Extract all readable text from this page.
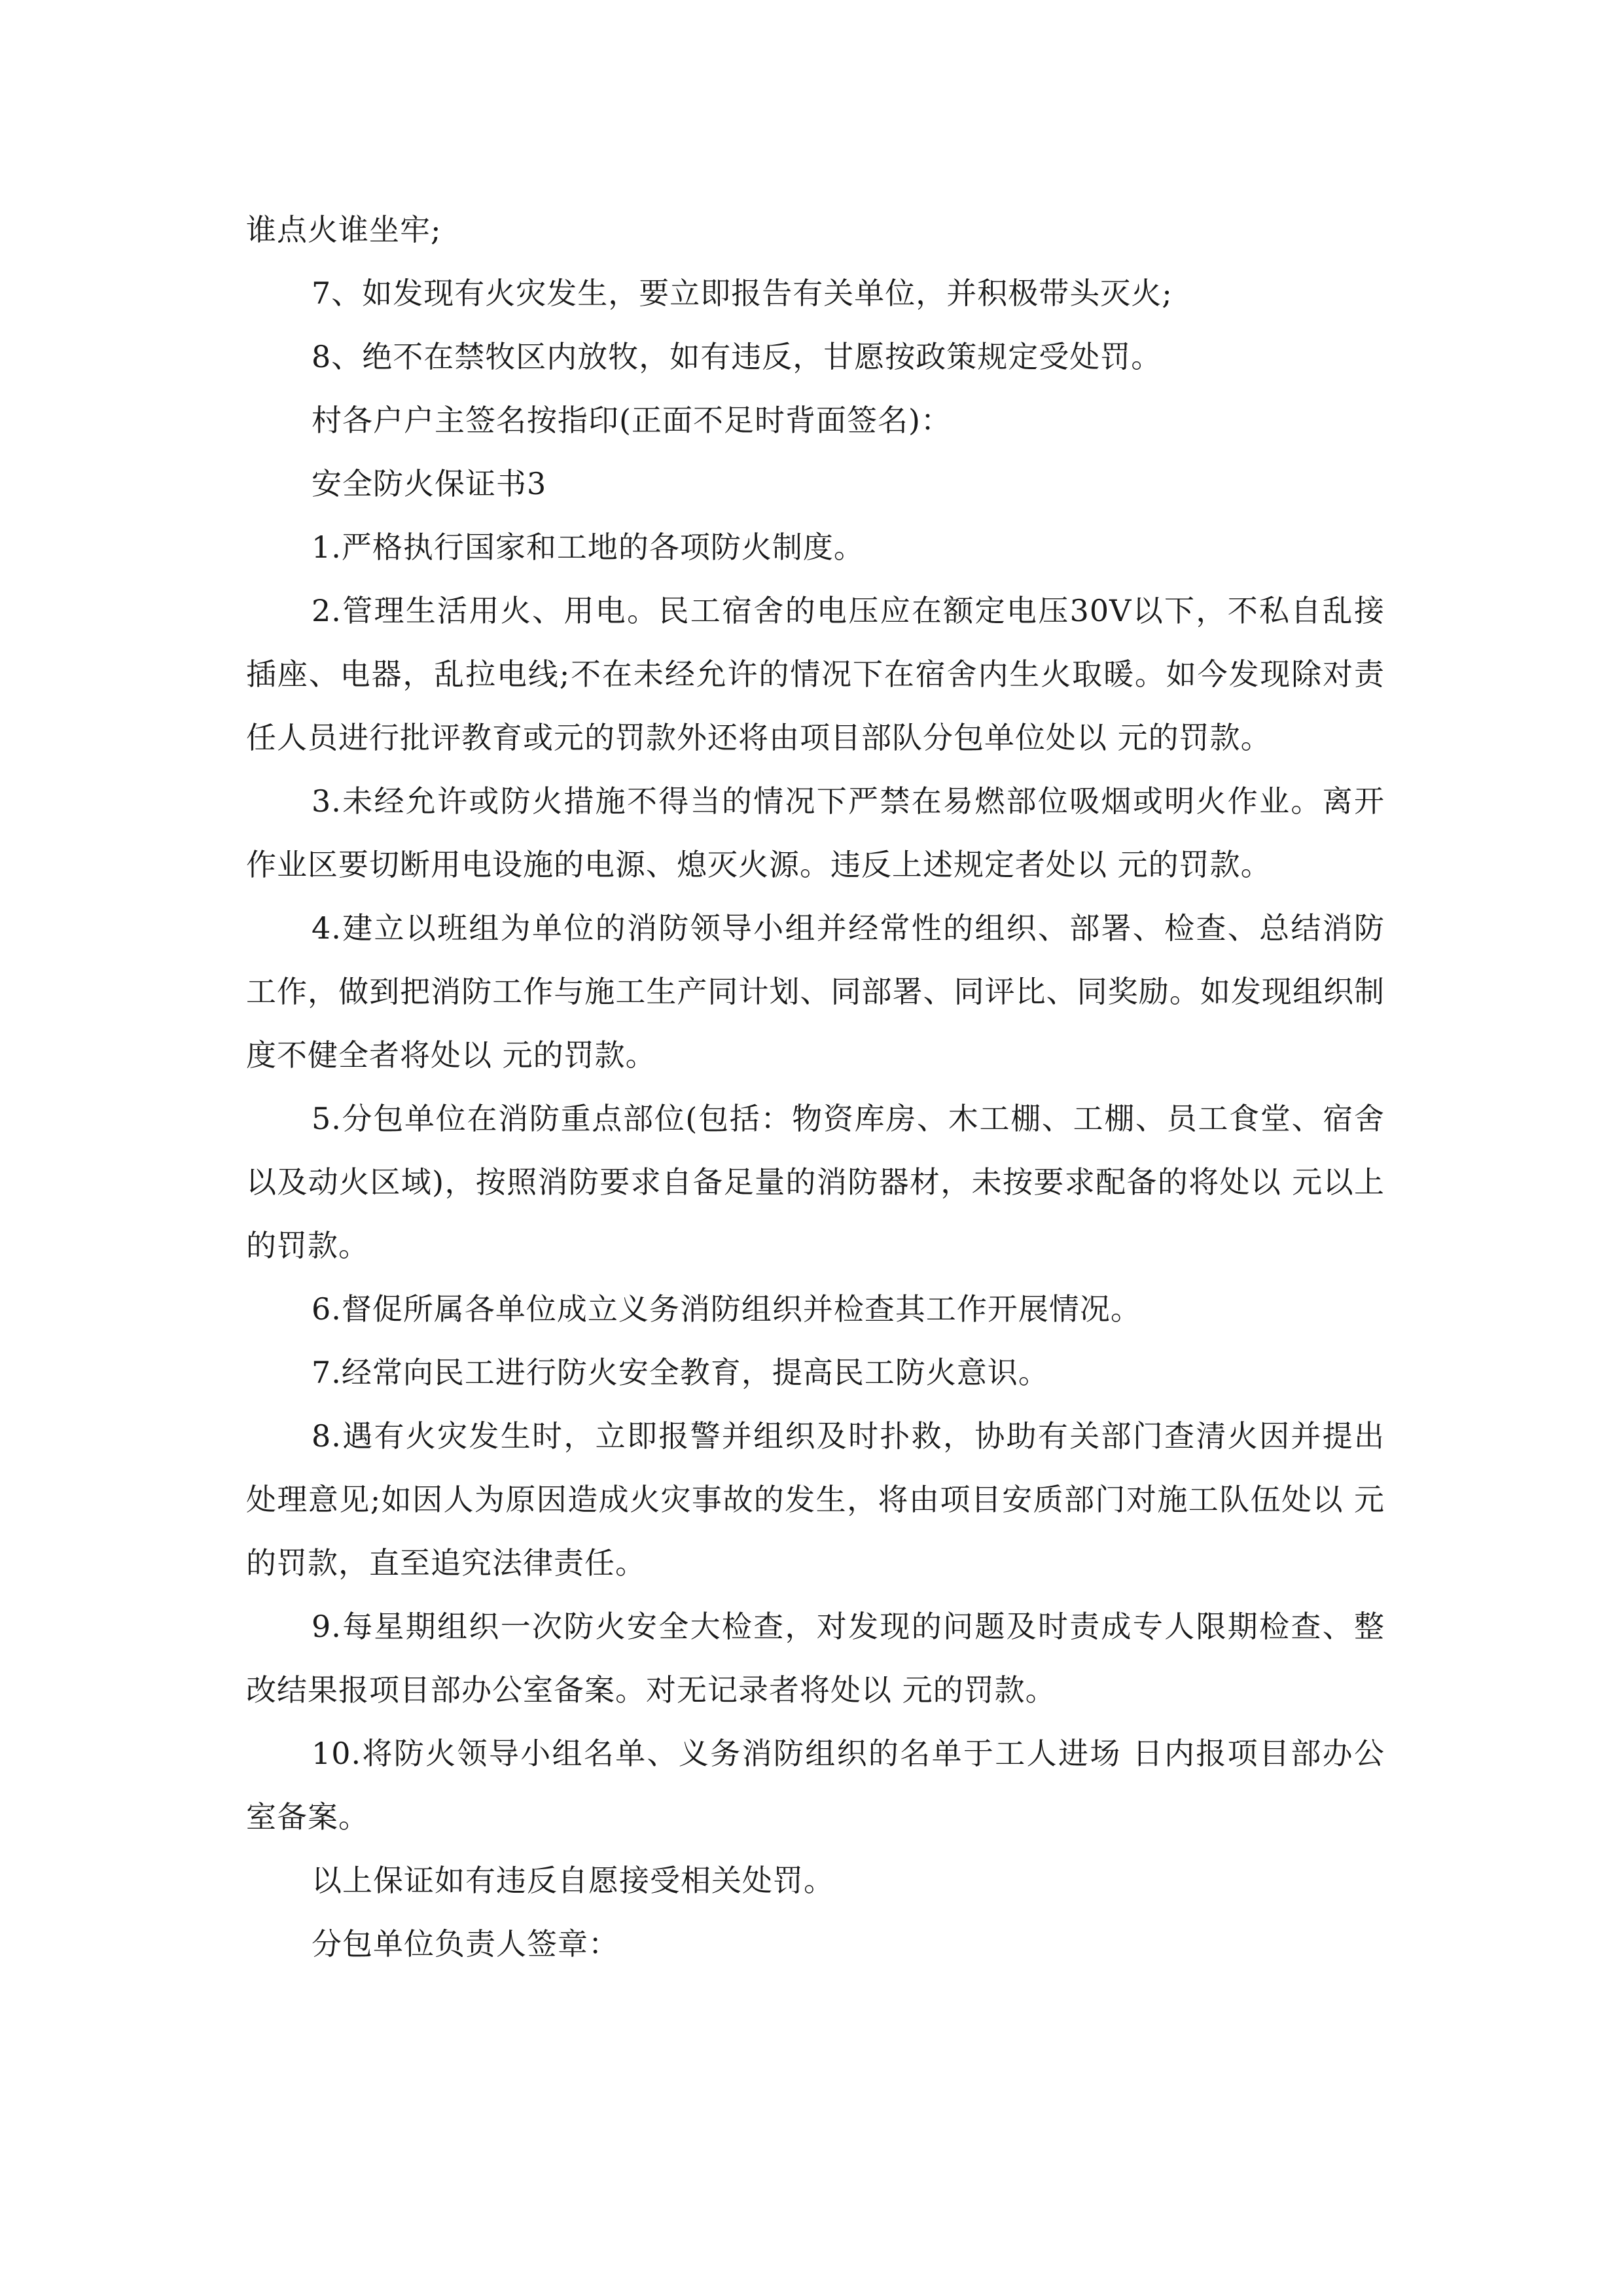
谁点火谁坐牢;

7、如发现有火灾发生，要立即报告有关单位，并积极带头灭火;

8、绝不在禁牧区内放牧，如有违反，甘愿按政策规定受处罚。

村各户户主签名按指印(正面不足时背面签名)：

安全防火保证书3

1.严格执行国家和工地的各项防火制度。

2.管理生活用火、用电。民工宿舍的电压应在额定电压30V以下，不私自乱接插座、电器，乱拉电线;不在未经允许的情况下在宿舍内生火取暖。如今发现除对责任人员进行批评教育或元的罚款外还将由项目部队分包单位处以 元的罚款。

3.未经允许或防火措施不得当的情况下严禁在易燃部位吸烟或明火作业。离开作业区要切断用电设施的电源、熄灭火源。违反上述规定者处以 元的罚款。

4.建立以班组为单位的消防领导小组并经常性的组织、部署、检查、总结消防工作，做到把消防工作与施工生产同计划、同部署、同评比、同奖励。如发现组织制度不健全者将处以 元的罚款。

5.分包单位在消防重点部位(包括：物资库房、木工棚、工棚、员工食堂、宿舍以及动火区域)，按照消防要求自备足量的消防器材，未按要求配备的将处以 元以上的罚款。

6.督促所属各单位成立义务消防组织并检查其工作开展情况。

7.经常向民工进行防火安全教育，提高民工防火意识。

8.遇有火灾发生时，立即报警并组织及时扑救，协助有关部门查清火因并提出处理意见;如因人为原因造成火灾事故的发生，将由项目安质部门对施工队伍处以 元的罚款，直至追究法律责任。

9.每星期组织一次防火安全大检查，对发现的问题及时责成专人限期检查、整改结果报项目部办公室备案。对无记录者将处以 元的罚款。

10.将防火领导小组名单、义务消防组织的名单于工人进场 日内报项目部办公室备案。

以上保证如有违反自愿接受相关处罚。

分包单位负责人签章：
